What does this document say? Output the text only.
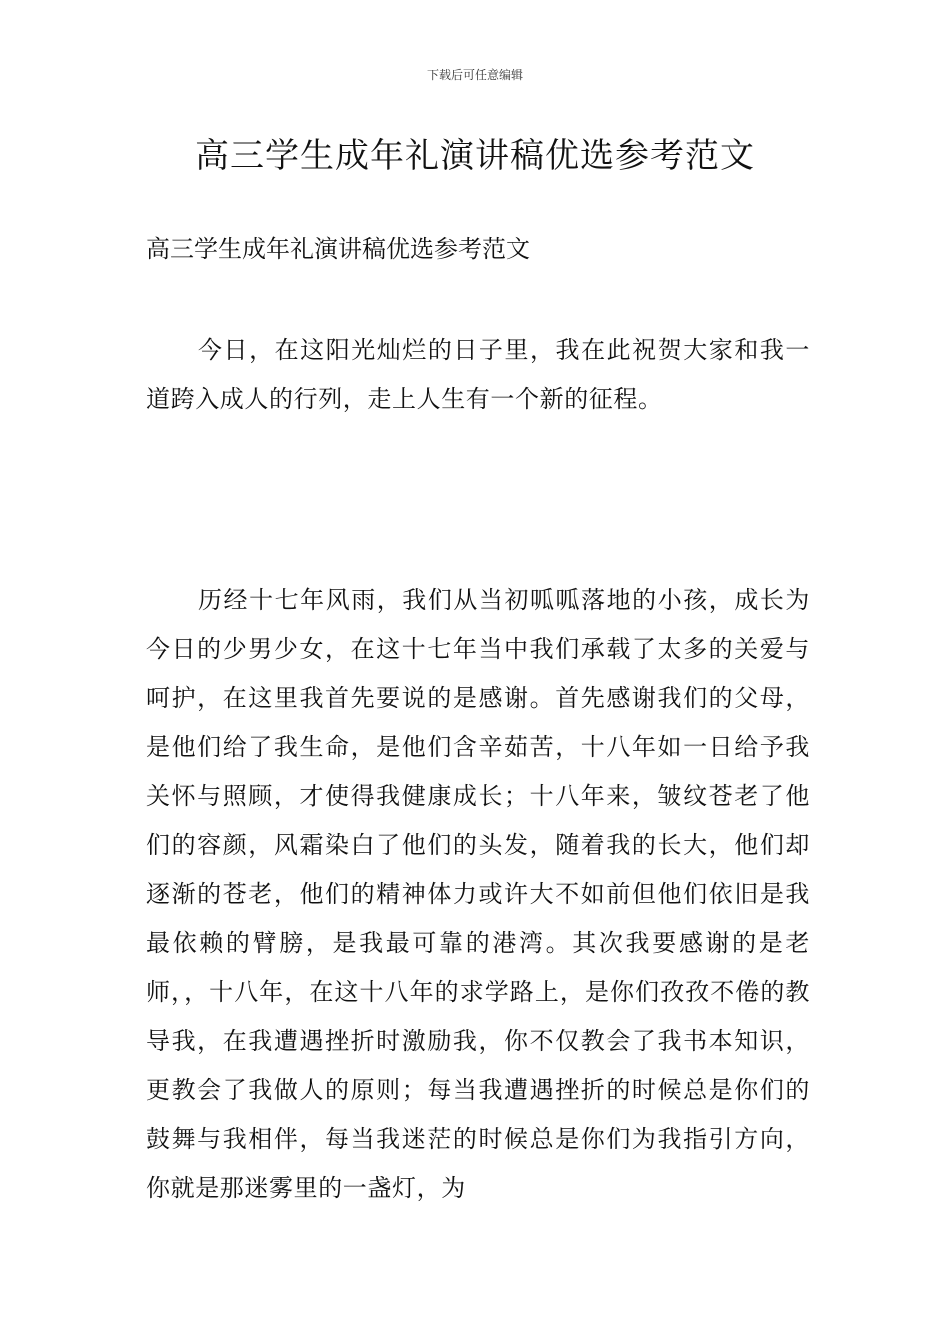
下载后可任意编辑
高三学生成年礼演讲稿优选参考范文

高三学生成年礼演讲稿优选参考范文

今日，在这阳光灿烂的日子里，我在此祝贺大家和我一道跨入成人的行列，走上人生有一个新的征程。

历经十七年风雨，我们从当初呱呱落地的小孩，成长为今日的少男少女，在这十七年当中我们承载了太多的关爱与呵护，在这里我首先要说的是感谢。首先感谢我们的父母，是他们给了我生命，是他们含辛茹苦，十八年如一日给予我关怀与照顾，才使得我健康成长；十八年来，皱纹苍老了他们的容颜，风霜染白了他们的头发，随着我的长大，他们却逐渐的苍老，他们的精神体力或许大不如前但他们依旧是我最依赖的臂膀，是我最可靠的港湾。其次我要感谢的是老师，，十八年，在这十八年的求学路上，是你们孜孜不倦的教导我，在我遭遇挫折时激励我，你不仅教会了我书本知识，更教会了我做人的原则；每当我遭遇挫折的时候总是你们的鼓舞与我相伴，每当我迷茫的时候总是你们为我指引方向，你就是那迷雾里的一盏灯，为
